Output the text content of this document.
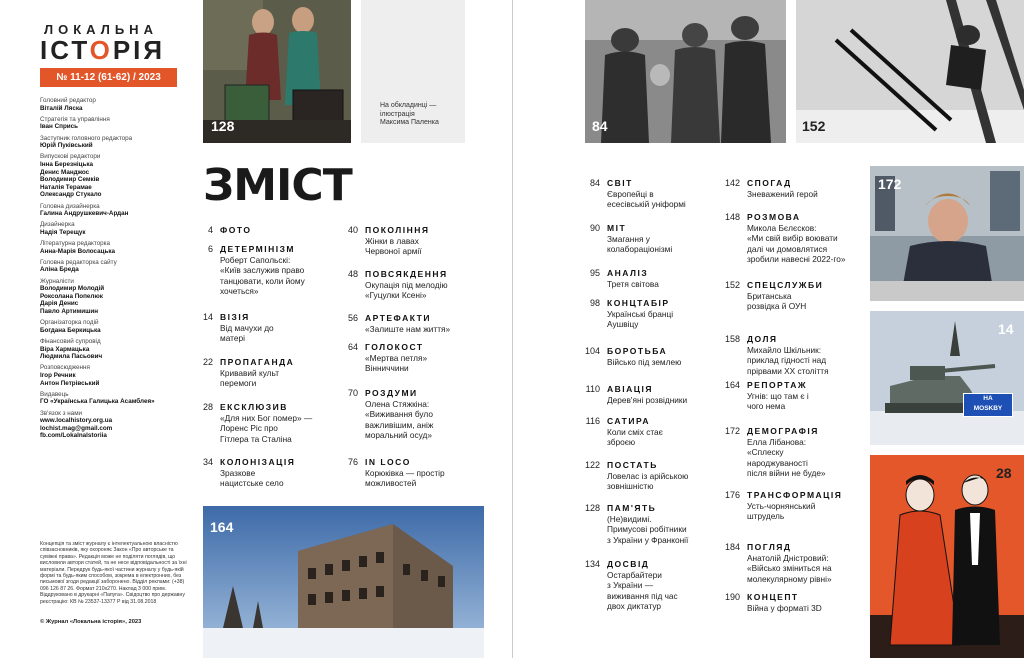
ЛОКАЛЬНА
ІСТОРІЯ
№ 11-12 (61-62) / 2023
Головний редактор
Віталій Ляска
Стратегія та управління
Іван Спрись
Заступник головного редактора
Юрій Пуківський
Випускові редактори
Інна Березніцька
Денис Манджос
Володимир Семків
Наталія Терамае
Олександр Стукало
Головна дизайнерка
Галина Андрушкевич-Ардан
Дизайнерка
Надія Терещук
Літературна редакторка
Анна-Марія Волосацька
Головна редакторка сайту
Аліна Бреда
Журналісти
Володимир Молодій
Роксолана Попелюк
Дарія Денис
Павло Артимишин
Організаторка подій
Богдана Беркицька
Фінансовий супровід
Віра Хармацька
Людмила Пасьович
Розповсюдження
Ігор Речник
Антон Петрівський
Видавець
ГО «Українська Галицька Асамблея»
Зв'язок з нами
www.localhistory.org.ua
lochist.mag@gmail.com
fb.com/Lokalnalstoriia
Концепція та зміст журналу є інтелектуальною власністю співзасновників, яку охороняє Закон «Про авторське та суміжні права». Редакція може не поділяти поглядів, що висловили автори статей, та не несе відповідальності за їхні матеріали. Передрук будь-якої частини журналу у будь-якій формі та будь-яким способом, зокрема в електронних, без письмової згоди редакції заборонено. Відділ реклами: (+38) 096 126 87 26. Формат 210x270. Наклад 3 000 прим. Віддруковано в друкарні «Папуга». Свідоцтво про державну реєстрацію: КВ № 23537-13377 Р від 31.08.2018
© Журнал «Локальна історія», 2023
128
На обкладинці —
ілюстрація
Максима Паленка
ЗМІСТ
4 ФОТО
6 ДЕТЕРМІНІЗМ
Роберт Сапольскі:
«Київ заслужив право
танцювати, коли йому
хочеться»
14 ВІЗІЯ
Від мачухи до
матері
22 ПРОПАГАНДА
Кривавий культ
перемоги
28 ЕКСКЛЮЗИВ
«Для них Бог помер» —
Лоренс Ріс про
Гітлера та Сталіна
34 КОЛОНІЗАЦІЯ
Зразкове
нацистське село
40 ПОКОЛІННЯ
Жінки в лавах
Червоної армії
48 ПОВСЯКДЕННЯ
Окупація під мелодію
«Гуцулки Ксені»
56 АРТЕФАКТИ
«Залиште нам життя»
64 ГОЛОКОСТ
«Мертва петля»
Вінниччини
70 РОЗДУМИ
Олена Стяжкіна:
«Виживання було
важливішим, аніж
моральний осуд»
76 IN LOCO
Корюківка — простір
можливостей
164
84	152
84 СВІТ
Європейці в
есесівській уніформі
90 МІТ
Змагання у
колабораціонізмі
95 АНАЛІЗ
Третя світова
98 КОНЦТАБІР
Українські бранці
Аушвіцу
104 БОРОТЬБА
Військо під землею
110 АВІАЦІЯ
Дерев'яні розвідники
116 САТИРА
Коли сміх стає
зброєю
122 ПОСТАТЬ
Ловелас із арійською
зовнішністю
128 ПАМ'ЯТЬ
(Не)видимі.
Примусові робітники
з України у Франконії
134 ДОСВІД
Остарбайтери
з України —
виживання під час
двох диктатур
142 СПОГАД
Зневажений герой
148 РОЗМОВА
Микола Бєлєсков:
«Ми свій вибір воювати
далі чи домовлятися
зробили навесні 2022-го»
152 СПЕЦСЛУЖБИ
Британська
розвідка й ОУН
158 ДОЛЯ
Михайло Шкільник:
приклад гідності над
прірвами ХХ століття
164 РЕПОРТАЖ
Угнів: що там є і
чого нема
172 ДЕМОГРАФІЯ
Елла Лібанова:
«Сплеску
народжуваності
після війни не буде»
176 ТРАНСФОРМАЦІЯ
Усть-чорнянський
штрудель
184 ПОГЛЯД
Анатолій Дністровий:
«Військо зміниться на
молекулярному рівні»
190 КОНЦЕПТ
Війна у форматі 3D
172
НА
MOSKBY
14
28
